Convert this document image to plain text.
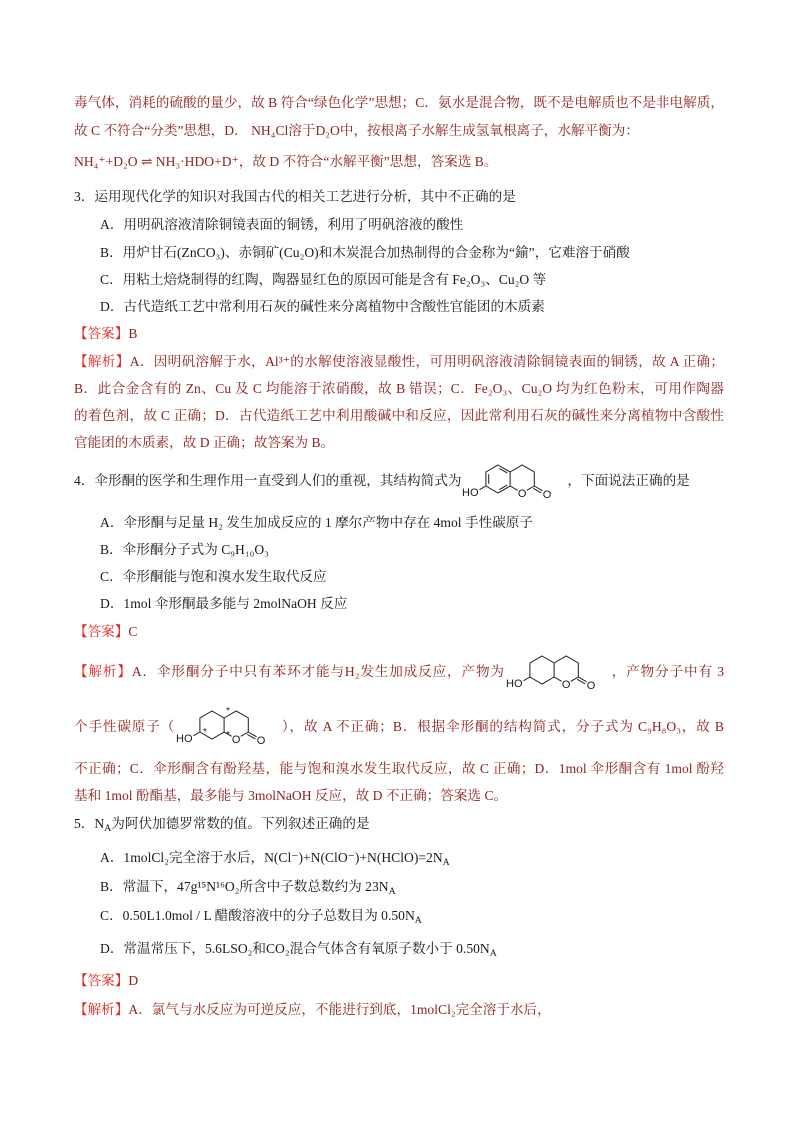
毒气体，消耗的硫酸的量少，故 B 符合“绿色化学”思想；C．氨水是混合物，既不是电解质也不是非电解质，
故 C 不符合“分类”思想，D． NH₄Cl溶于D₂O中，按根离子水解生成氢氧根离子，水解平衡为：
NH₄⁺+D₂O ⇌ NH₃·HDO+D⁺，故 D 不符合“水解平衡”思想，答案选 B。
3．运用现代化学的知识对我国古代的相关工艺进行分析，其中不正确的是
A．用明矾溶液清除铜镜表面的铜锈，利用了明矾溶液的酸性
B．用炉甘石(ZnCO₃)、赤铜矿(Cu₂O)和木炭混合加热制得的合金称为“鍮”，它难溶于硝酸
C．用粘土焙烧制得的红陶，陶器显红色的原因可能是含有 Fe₂O₃、Cu₂O 等
D．古代造纸工艺中常利用石灰的碱性来分离植物中含酸性官能团的木质素
【答案】B
【解析】A．因明矾溶解于水，Al³⁺的水解使溶液显酸性，可用明矾溶液清除铜镜表面的铜锈，故 A 正确；
B．此合金含有的 Zn、Cu 及 C 均能溶于浓硝酸，故 B 错误；C．Fe₂O₃、Cu₂O 均为红色粉末，可用作陶器
的着色剂，故 C 正确；D．古代造纸工艺中利用酸碱中和反应，因此常利用石灰的碱性来分离植物中含酸性
官能团的木质素，故 D 正确；故答案为 B。
4．伞形酮的医学和生理作用一直受到人们的重视，其结构简式为
HO	O O
，下面说法正确的是
A．伞形酮与足量 H₂ 发生加成反应的 1 摩尔产物中存在 4mol 手性碳原子
B．伞形酮分子式为 C₉H₁₀O₃
C．伞形酮能与饱和溴水发生取代反应
D．1mol 伞形酮最多能与 2molNaOH 反应
【答案】C
【解析】A．伞形酮分子中只有苯环才能与H₂发生加成反应，产物为
HO	O O
，产物分子中有 3
个手性碳原子（
HO	O O
*
*
*	），故 A 不正确；B．根据伞形酮的结构简式，分子式为 C₉H₈O₃，故 B
不正确；C．伞形酮含有酚羟基，能与饱和溴水发生取代反应，故 C 正确；D．1mol 伞形酮含有 1mol 酚羟
基和 1mol 酚酯基，最多能与 3molNaOH 反应，故 D 不正确；答案选 C。
5．$N_A$为阿伏加德罗常数的值。下列叙述正确的是
A．1molCl₂完全溶于水后，$N(Cl^-)+N(ClO^-)+N(HClO)=2N_A$
B．常温下，47g¹⁵N¹⁶O₂所含中子数总数约为 $23N_A$
C．0.50L1.0mol / L 醋酸溶液中的分子总数目为 $0.50N_A$
D．常温常压下，5.6LSO₂和CO₂混合气体含有氧原子数小于 $0.50N_A$
【答案】D
【解析】A．氯气与水反应为可逆反应，不能进行到底，1molCl₂完全溶于水后，
